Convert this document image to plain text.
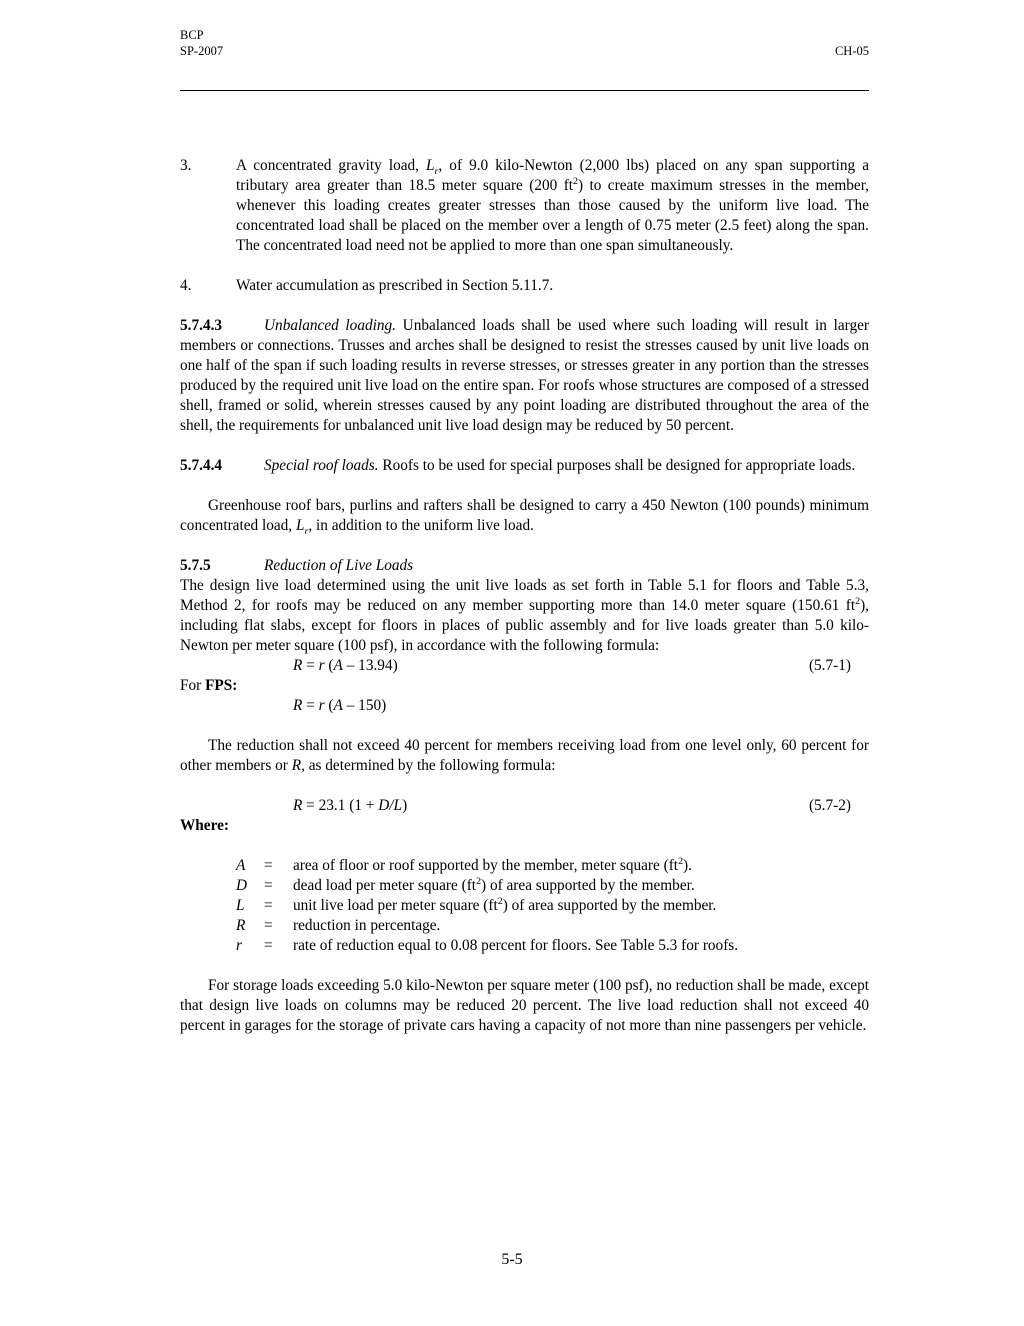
BCP
SP-2007	CH-05
3.	A concentrated gravity load, $L_r$, of 9.0 kilo-Newton (2,000 lbs) placed on any span supporting a tributary area greater than 18.5 meter square (200 $ft^2$) to create maximum stresses in the member, whenever this loading creates greater stresses than those caused by the uniform live load. The concentrated load shall be placed on the member over a length of 0.75 meter (2.5 feet) along the span. The concentrated load need not be applied to more than one span simultaneously.
4.	Water accumulation as prescribed in Section 5.11.7.

5.7.4.3	Unbalanced loading. Unbalanced loads shall be used where such loading will result in larger members or connections. Trusses and arches shall be designed to resist the stresses caused by unit live loads on one half of the span if such loading results in reverse stresses, or stresses greater in any portion than the stresses produced by the required unit live load on the entire span. For roofs whose structures are composed of a stressed shell, framed or solid, wherein stresses caused by any point loading are distributed throughout the area of the shell, the requirements for unbalanced unit live load design may be reduced by 50 percent.

5.7.4.4	Special roof loads. Roofs to be used for special purposes shall be designed for appropriate loads.

Greenhouse roof bars, purlins and rafters shall be designed to carry a 450 Newton (100 pounds) minimum concentrated load, $L_r$, in addition to the uniform live load.

5.7.5	Reduction of Live Loads

The design live load determined using the unit live loads as set forth in Table 5.1 for floors and Table 5.3, Method 2, for roofs may be reduced on any member supporting more than 14.0 meter square (150.61 $ft^2$), including flat slabs, except for floors in places of public assembly and for live loads greater than 5.0 kilo-Newton per meter square (100 psf), in accordance with the following formula:

R = r (A – 13.94)	(5.7-1)
For FPS:
R = r (A – 150)

The reduction shall not exceed 40 percent for members receiving load from one level only, 60 percent for other members or R, as determined by the following formula:

R = 23.1 (1 + D/L)	(5.7-2)
Where:
A	=	area of floor or roof supported by the member, meter square $(ft^2)$.
D	=	dead load per meter square $(ft^2)$ of area supported by the member.
L	=	unit live load per meter square $(ft^2)$ of area supported by the member.
R	=	reduction in percentage.
r	=	rate of reduction equal to 0.08 percent for floors. See Table 5.3 for roofs.

For storage loads exceeding 5.0 kilo-Newton per square meter (100 psf), no reduction shall be made, except that design live loads on columns may be reduced 20 percent. The live load reduction shall not exceed 40 percent in garages for the storage of private cars having a capacity of not more than nine passengers per vehicle.

5-5
